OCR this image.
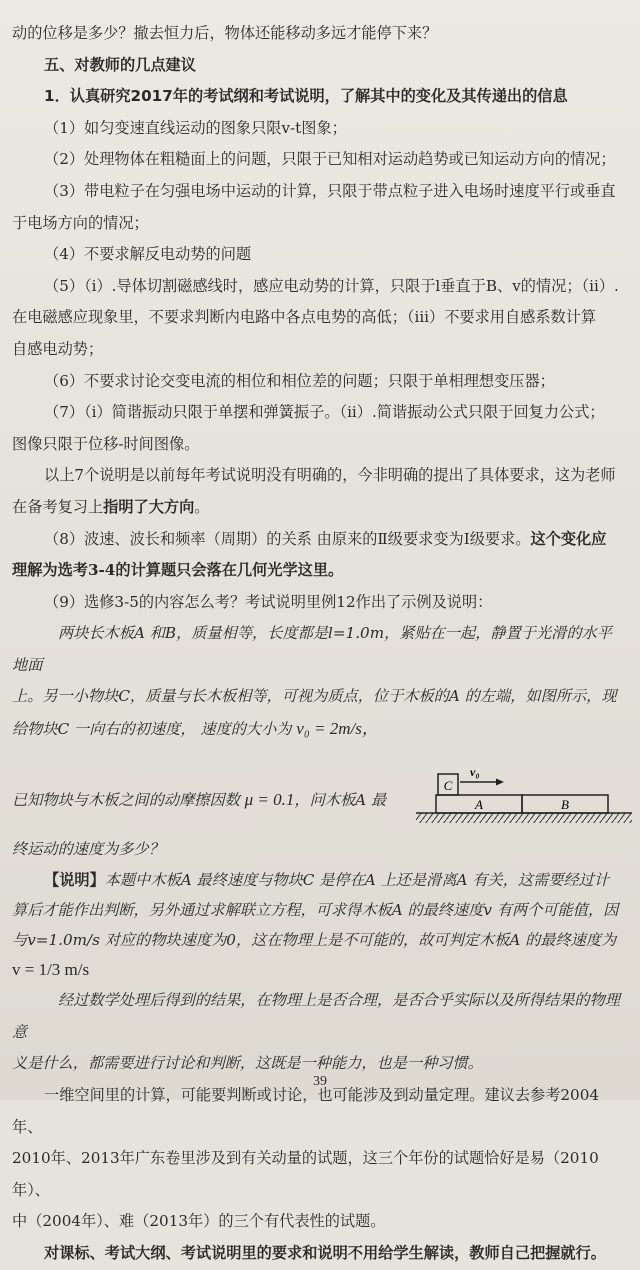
动的位移是多少？撤去恒力后，物体还能移动多远才能停下来？

五、对教师的几点建议

1．认真研究2017年的考试纲和考试说明，了解其中的变化及其传递出的信息

（1）如匀变速直线运动的图象只限v-t图象；

（2）处理物体在粗糙面上的问题，只限于已知相对运动趋势或已知运动方向的情况；

（3）带电粒子在匀强电场中运动的计算，只限于带点粒子进入电场时速度平行或垂直

于电场方向的情况；

（4）不要求解反电动势的问题

（5）（i）.导体切割磁感线时，感应电动势的计算，只限于l垂直于B、v的情况；（ii）.

在电磁感应现象里，不要求判断内电路中各点电势的高低；（iii）不要求用自感系数计算

自感电动势；

（6）不要求讨论交变电流的相位和相位差的问题；只限于单相理想变压器；

（7）（i）简谐振动只限于单摆和弹簧振子。（ii）.简谐振动公式只限于回复力公式；

图像只限于位移-时间图像。

以上7个说明是以前每年考试说明没有明确的，今非明确的提出了具体要求，这为老师

在备考复习上指明了大方向。

（8）波速、波长和频率（周期）的关系 由原来的Ⅱ级要求变为Ⅰ级要求。这个变化应

理解为选考3-4的计算题只会落在几何光学这里。

（9）选修3-5的内容怎么考？考试说明里例12作出了示例及说明：

两块长木板A 和B，质量相等，长度都是l=1.0m，紧贴在一起，静置于光滑的水平地面

上。另一小物块C，质量与长木板相等，可视为质点，位于木板的A 的左端，如图所示，现

给物块C 一向右的初速度， 速度的大小为 v₀ = 2m/s，

已知物块与木板之间的动摩擦因数 μ = 0.1，问木板A 最

C
v₀
A	B

终运动的速度为多少？

【说明】本题中木板A 最终速度与物块C 是停在A 上还是滑离A 有关，这需要经过计

算后才能作出判断，另外通过求解联立方程，可求得木板A 的最终速度v 有两个可能值，因

与v=1.0m/s 对应的物块速度为0，这在物理上是不可能的，故可判定木板A 的最终速度为

v = 1/3 m/s

经过数学处理后得到的结果，在物理上是否合理，是否合乎实际以及所得结果的物理意

义是什么，都需要进行讨论和判断，这既是一种能力，也是一种习惯。

一维空间里的计算，可能要判断或讨论，也可能涉及到动量定理。建议去参考2004年、

2010年、2013年广东卷里涉及到有关动量的试题，这三个年份的试题恰好是易（2010年）、

中（2004年）、难（2013年）的三个有代表性的试题。

对课标、考试大纲、考试说明里的要求和说明不用给学生解读，教师自己把握就行。

39
